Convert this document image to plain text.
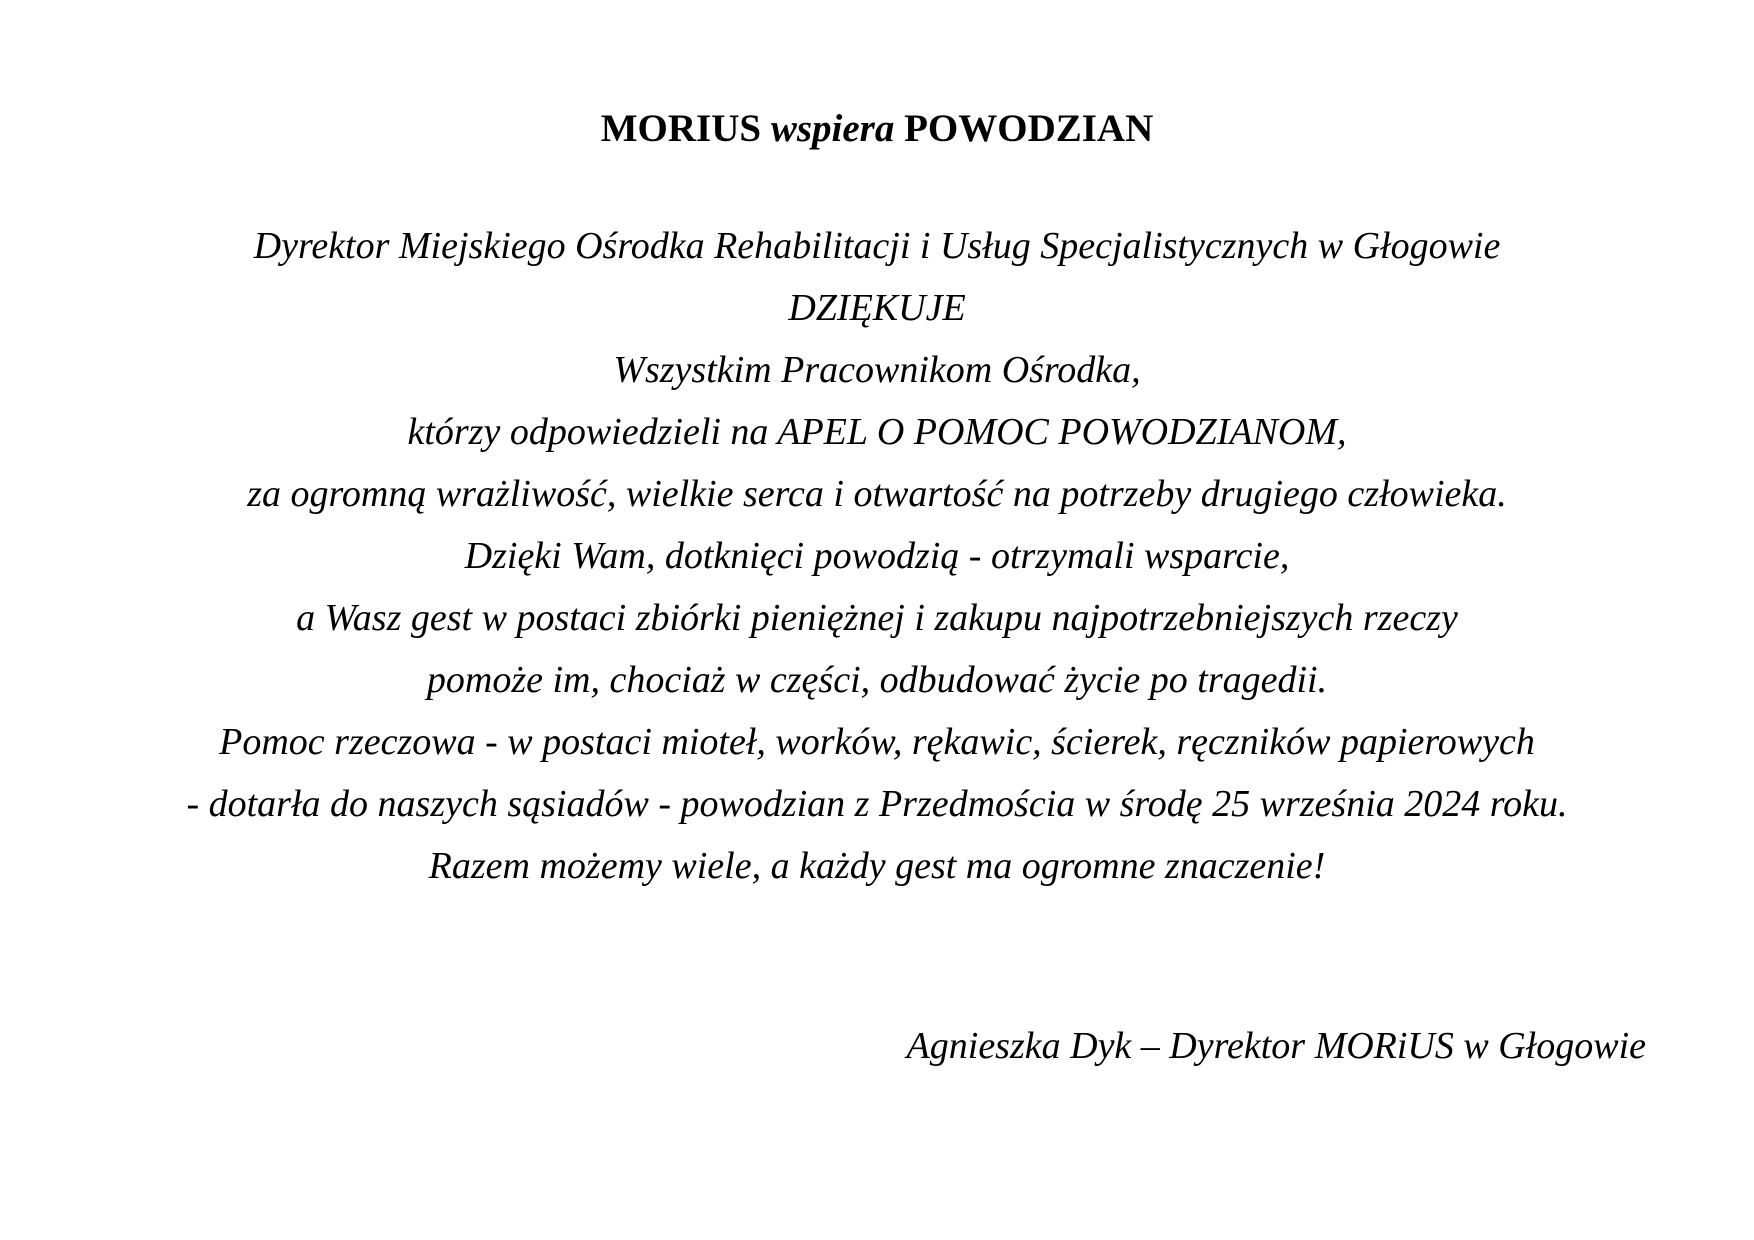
MORIUS wspiera POWODZIAN
Dyrektor Miejskiego Ośrodka Rehabilitacji i Usług Specjalistycznych w Głogowie
DZIĘKUJE
Wszystkim Pracownikom Ośrodka,
którzy odpowiedzieli na APEL O POMOC POWODZIANOM,
za ogromną wrażliwość, wielkie serca i otwartość na potrzeby drugiego człowieka.
Dzięki Wam, dotknięci powodzią - otrzymali wsparcie,
a Wasz gest w postaci zbiórki pieniężnej i zakupu najpotrzebniejszych rzeczy
pomoże im, chociaż w części, odbudować życie po tragedii.
Pomoc rzeczowa - w postaci mioteł, worków, rękawic, ścierek, ręczników papierowych
- dotarła do naszych sąsiadów - powodzian z Przedmościa w środę 25 września 2024 roku.
Razem możemy wiele, a każdy gest ma ogromne znaczenie!
Agnieszka Dyk – Dyrektor MORiUS w Głogowie
